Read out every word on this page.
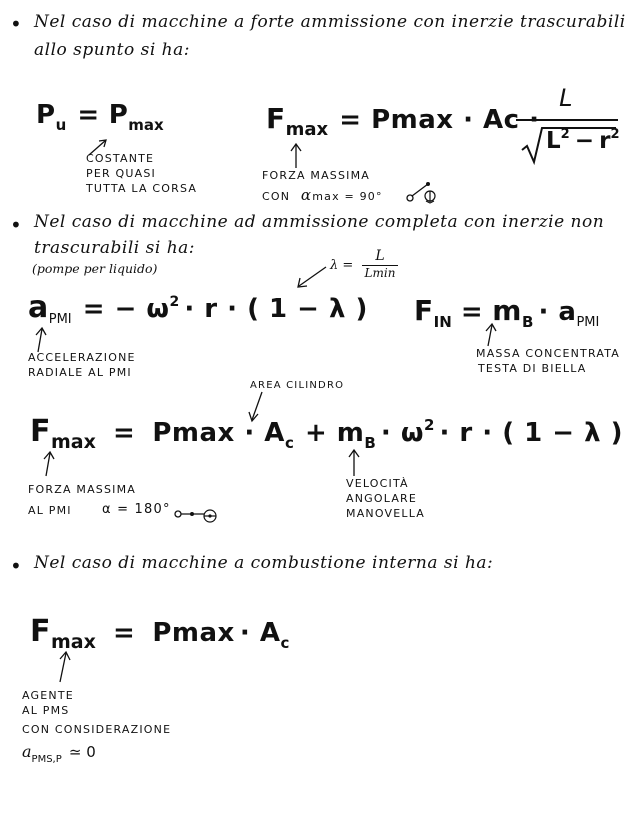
• Nel caso di macchine a forte ammissione con inerzie trascurabili
allo spunto si ha:
Pu = Pmax
COSTANTE
PER QUASI
TUTTA LA CORSA
Fmax = Pmax · Ac ·
L
$L^2 - r^2$
FORZA MASSIMA
CON αmax = 90°
• Nel caso di macchine ad ammissione completa con inerzie non
trascurabili si ha:
(pompe per liquido)	λ =
L
Lmin
$a_{PMI}$ = − ω2 · r · ( 1 − λ )
ACCELERAZIONE
RADIALE AL PMI
FIN = mB · $a_{PMI}$
MASSA CONCENTRATA
TESTA DI BIELLA
AREA CILINDRO
Fmax = Pmax · Ac + mB · ω2 · r · ( 1 − λ )
FORZA MASSIMA
AL PMI α = 180°
VELOCITÀ
ANGOLARE
MANOVELLA
• Nel caso di macchine a combustione interna si ha:
Fmax = Pmax · Ac
AGENTE
AL PMS
CON CONSIDERAZIONE
$a_{PMS,P}$ ≃ 0
